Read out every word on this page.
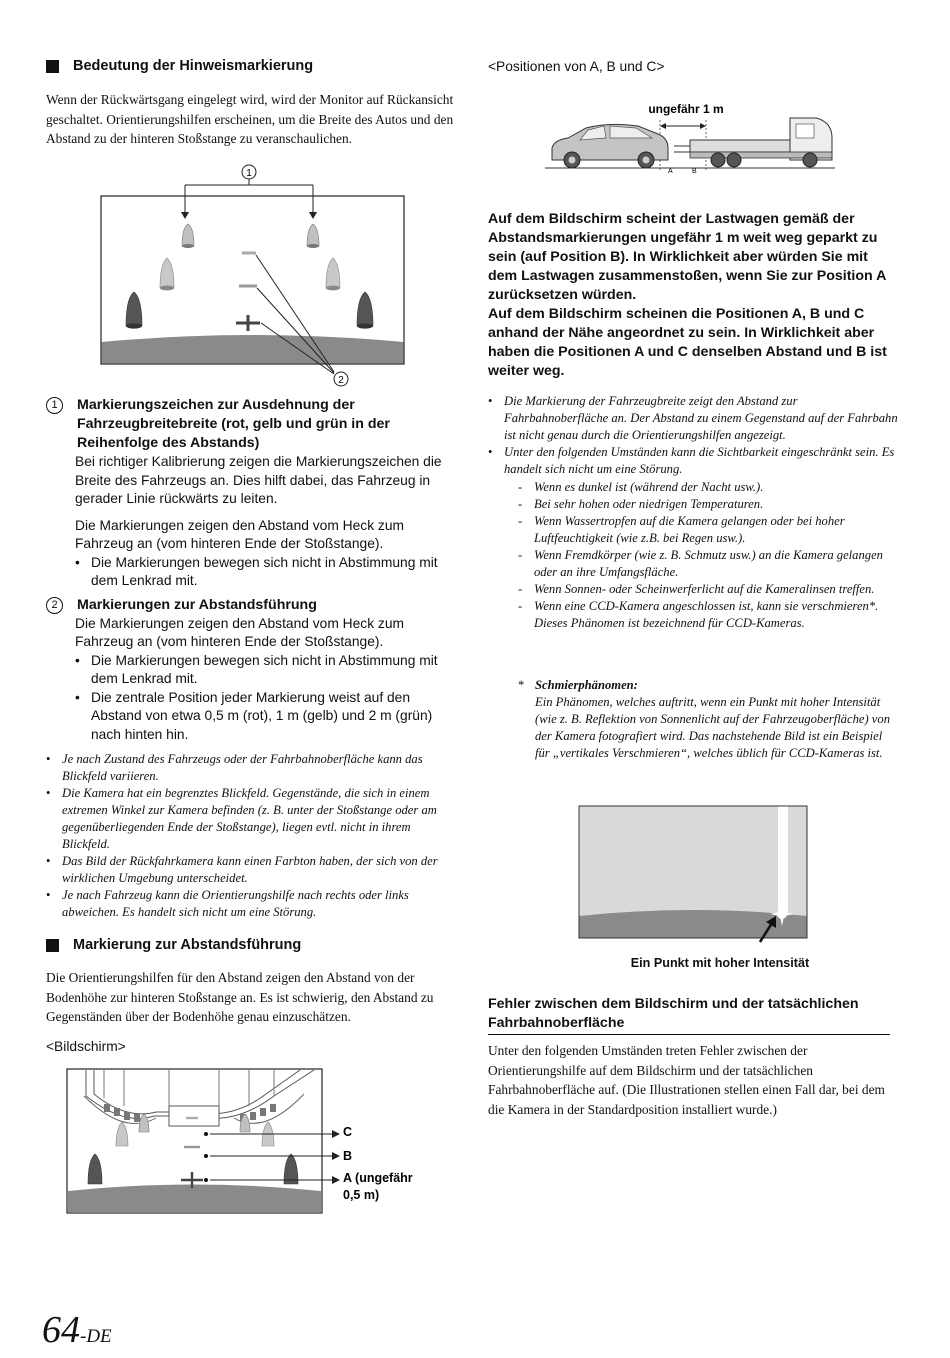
Bedeutung der Hinweismarkierung

Wenn der Rückwärtsgang eingelegt wird, wird der Monitor auf Rückansicht geschaltet. Orientierungshilfen erscheinen, um die Breite des Autos und den Abstand zu der hinteren Stoßstange zu veranschaulichen.

1
2
1	Markierungszeichen zur Ausdehnung der Fahrzeugbreitebreite (rot, gelb und grün in der Reihenfolge des Abstands)
Bei richtiger Kalibrierung zeigen die Markierungszeichen die Breite des Fahrzeugs an. Dies hilft dabei, das Fahrzeug in gerader Linie rückwärts zu leiten.
Die Markierungen zeigen den Abstand vom Heck zum Fahrzeug an (vom hinteren Ende der Stoßstange).
• Die Markierungen bewegen sich nicht in Abstimmung mit dem Lenkrad mit.
2	Markierungen zur Abstandsführung
Die Markierungen zeigen den Abstand vom Heck zum Fahrzeug an (vom hinteren Ende der Stoßstange).
• Die Markierungen bewegen sich nicht in Abstimmung mit dem Lenkrad mit.
• Die zentrale Position jeder Markierung weist auf den Abstand von etwa 0,5 m (rot), 1 m (gelb) und 2 m (grün) nach hinten hin.
• Je nach Zustand des Fahrzeugs oder der Fahrbahnoberfläche kann das Blickfeld variieren.
• Die Kamera hat ein begrenztes Blickfeld. Gegenstände, die sich in einem extremen Winkel zur Kamera befinden (z. B. unter der Stoßstange oder am gegenüberliegenden Ende der Stoßstange), liegen evtl. nicht in ihrem Blickfeld.
• Das Bild der Rückfahrkamera kann einen Farbton haben, der sich von der wirklichen Umgebung unterscheidet.
• Je nach Fahrzeug kann die Orientierungshilfe nach rechts oder links abweichen. Es handelt sich nicht um eine Störung.
Markierung zur Abstandsführung

Die Orientierungshilfen für den Abstand zeigen den Abstand von der Bodenhöhe zur hinteren Stoßstange an. Es ist schwierig, den Abstand zu Gegenständen über der Bodenhöhe genau einzuschätzen.

<Bildschirm>
C
B
A (ungefähr
0,5 m)
<Positionen von A, B und C>
ungefähr 1 m
A	B
Auf dem Bildschirm scheint der Lastwagen gemäß der Abstandsmarkierungen ungefähr 1 m weit weg geparkt zu sein (auf Position B). In Wirklichkeit aber würden Sie mit dem Lastwagen zusammenstoßen, wenn Sie zur Position A zurücksetzen würden.
Auf dem Bildschirm scheinen die Positionen A, B und C anhand der Nähe angeordnet zu sein. In Wirklichkeit aber haben die Positionen A und C denselben Abstand und B ist weiter weg.
• Die Markierung der Fahrzeugbreite zeigt den Abstand zur Fahrbahnoberfläche an. Der Abstand zu einem Gegenstand auf der Fahrbahn ist nicht genau durch die Orientierungshilfen angezeigt.
• Unter den folgenden Umständen kann die Sichtbarkeit eingeschränkt sein. Es handelt sich nicht um eine Störung.
- Wenn es dunkel ist (während der Nacht usw.).
- Bei sehr hohen oder niedrigen Temperaturen.
- Wenn Wassertropfen auf die Kamera gelangen oder bei hoher Luftfeuchtigkeit (wie z.B. bei Regen usw.).
- Wenn Fremdkörper (wie z. B. Schmutz usw.) an die Kamera gelangen oder an ihre Umfangsfläche.
- Wenn Sonnen- oder Scheinwerferlicht auf die Kameralinsen treffen.
- Wenn eine CCD-Kamera angeschlossen ist, kann sie verschmieren*. Dieses Phänomen ist bezeichnend für CCD-Kameras.
* Schmierphänomen:
Ein Phänomen, welches auftritt, wenn ein Punkt mit hoher Intensität (wie z. B. Reflektion von Sonnenlicht auf der Fahrzeugoberfläche) von der Kamera fotografiert wird. Das nachstehende Bild ist ein Beispiel für „vertikales Verschmieren“, welches üblich für CCD-Kameras ist.
Ein Punkt mit hoher Intensität
Fehler zwischen dem Bildschirm und der tatsächlichen Fahrbahnoberfläche

Unter den folgenden Umständen treten Fehler zwischen der Orientierungshilfe auf dem Bildschirm und der tatsächlichen Fahrbahnoberfläche auf. (Die Illustrationen stellen einen Fall dar, bei dem die Kamera in der Standardposition installiert wurde.)

64-DE
